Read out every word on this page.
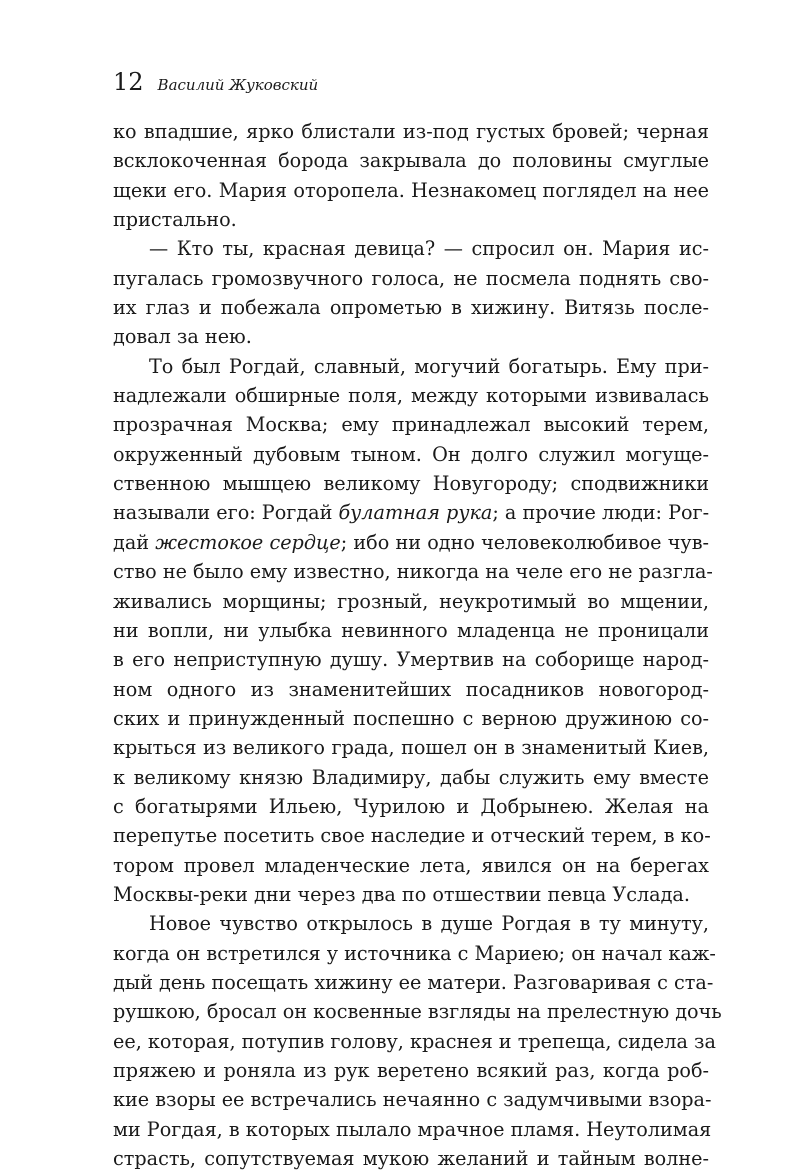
12 Василий Жуковский
ко впадшие, ярко блистали из-под густых бровей; черная
всклокоченная борода закрывала до половины смуглые
щеки его. Мария оторопела. Незнакомец поглядел на нее
пристально.
— Кто ты, красная девица? — спросил он. Мария ис-
пугалась громозвучного голоса, не посмела поднять сво-
их глаз и побежала опрометью в хижину. Витязь после-
довал за нею.
То был Рогдай, славный, могучий богатырь. Ему при-
надлежали обширные поля, между которыми извивалась
прозрачная Москва; ему принадлежал высокий терем,
окруженный дубовым тыном. Он долго служил могуще-
ственною мышцею великому Новугороду; сподвижники
называли его: Рогдай булатная рука; а прочие люди: Рог-
дай жестокое сердце; ибо ни одно человеколюбивое чув-
ство не было ему известно, никогда на челе его не разгла-
живались морщины; грозный, неукротимый во мщении,
ни вопли, ни улыбка невинного младенца не проницали
в его неприступную душу. Умертвив на соборище народ-
ном одного из знаменитейших посадников новогород-
ских и принужденный поспешно с верною дружиною со-
крыться из великого града, пошел он в знаменитый Киев,
к великому князю Владимиру, дабы служить ему вместе
с богатырями Ильею, Чурилою и Добрынею. Желая на
перепутье посетить свое наследие и отческий терем, в ко-
тором провел младенческие лета, явился он на берегах
Москвы-реки дни через два по отшествии певца Услада.
Новое чувство открылось в душе Рогдая в ту минуту,
когда он встретился у источника с Мариею; он начал каж-
дый день посещать хижину ее матери. Разговаривая с ста-
рушкою, бросал он косвенные взгляды на прелестную дочь
ее, которая, потупив голову, краснея и трепеща, сидела за
пряжею и роняла из рук веретено всякий раз, когда роб-
кие взоры ее встречались нечаянно с задумчивыми взора-
ми Рогдая, в которых пылало мрачное пламя. Неутолимая
страсть, сопутствуемая мукою желаний и тайным волне-
